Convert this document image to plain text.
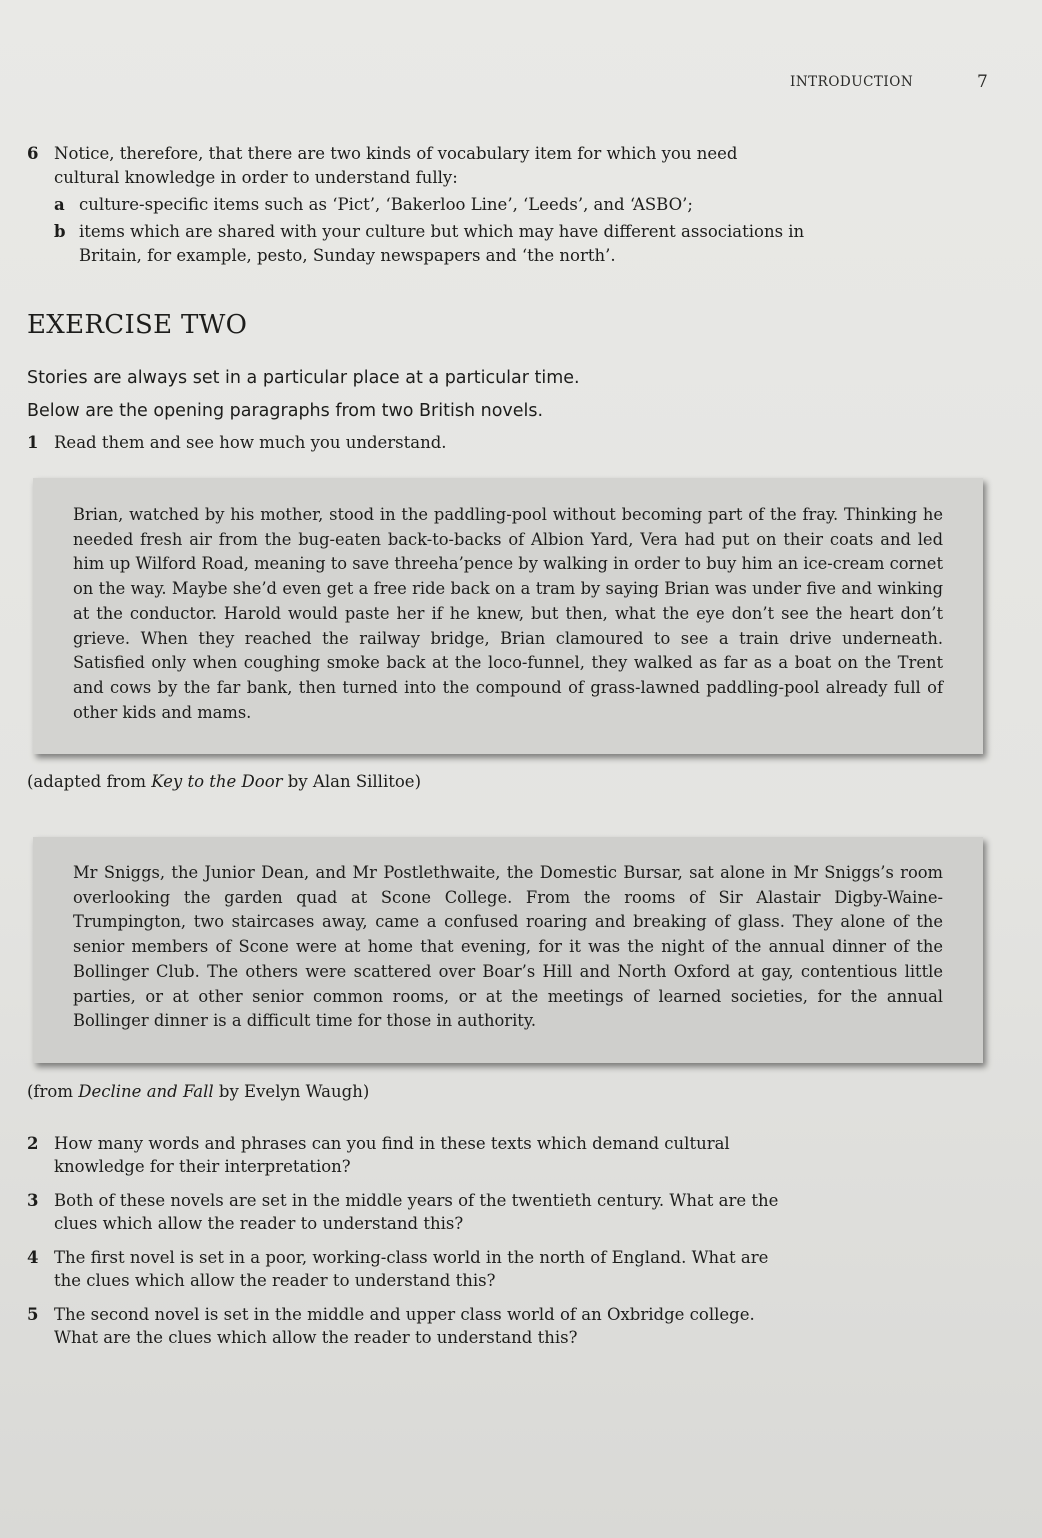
INTRODUCTION	7
6 Notice, therefore, that there are two kinds of vocabulary item for which you need cultural knowledge in order to understand fully:
a culture-specific items such as ‘Pict’, ‘Bakerloo Line’, ‘Leeds’, and ‘ASBO’;
b items which are shared with your culture but which may have different associations in Britain, for example, pesto, Sunday newspapers and ‘the north’.
EXERCISE TWO
Stories are always set in a particular place at a particular time.
Below are the opening paragraphs from two British novels.
1 Read them and see how much you understand.
Brian, watched by his mother, stood in the paddling-pool without becoming part of the fray. Thinking he needed fresh air from the bug-eaten back-to-backs of Albion Yard, Vera had put on their coats and led him up Wilford Road, meaning to save threeha’pence by walking in order to buy him an ice-cream cornet on the way. Maybe she’d even get a free ride back on a tram by saying Brian was under five and winking at the conductor. Harold would paste her if he knew, but then, what the eye don’t see the heart don’t grieve. When they reached the railway bridge, Brian clamoured to see a train drive underneath. Satisfied only when coughing smoke back at the loco-funnel, they walked as far as a boat on the Trent and cows by the far bank, then turned into the compound of grass-lawned paddling-pool already full of other kids and mams.
(adapted from Key to the Door by Alan Sillitoe)
Mr Sniggs, the Junior Dean, and Mr Postlethwaite, the Domestic Bursar, sat alone in Mr Sniggs’s room overlooking the garden quad at Scone College. From the rooms of Sir Alastair Digby-Waine-Trumpington, two staircases away, came a confused roaring and breaking of glass. They alone of the senior members of Scone were at home that evening, for it was the night of the annual dinner of the Bollinger Club. The others were scattered over Boar’s Hill and North Oxford at gay, contentious little parties, or at other senior common rooms, or at the meetings of learned societies, for the annual Bollinger dinner is a difficult time for those in authority.
(from Decline and Fall by Evelyn Waugh)
2 How many words and phrases can you find in these texts which demand cultural knowledge for their interpretation?
3 Both of these novels are set in the middle years of the twentieth century. What are the clues which allow the reader to understand this?
4 The first novel is set in a poor, working-class world in the north of England. What are the clues which allow the reader to understand this?
5 The second novel is set in the middle and upper class world of an Oxbridge college. What are the clues which allow the reader to understand this?
